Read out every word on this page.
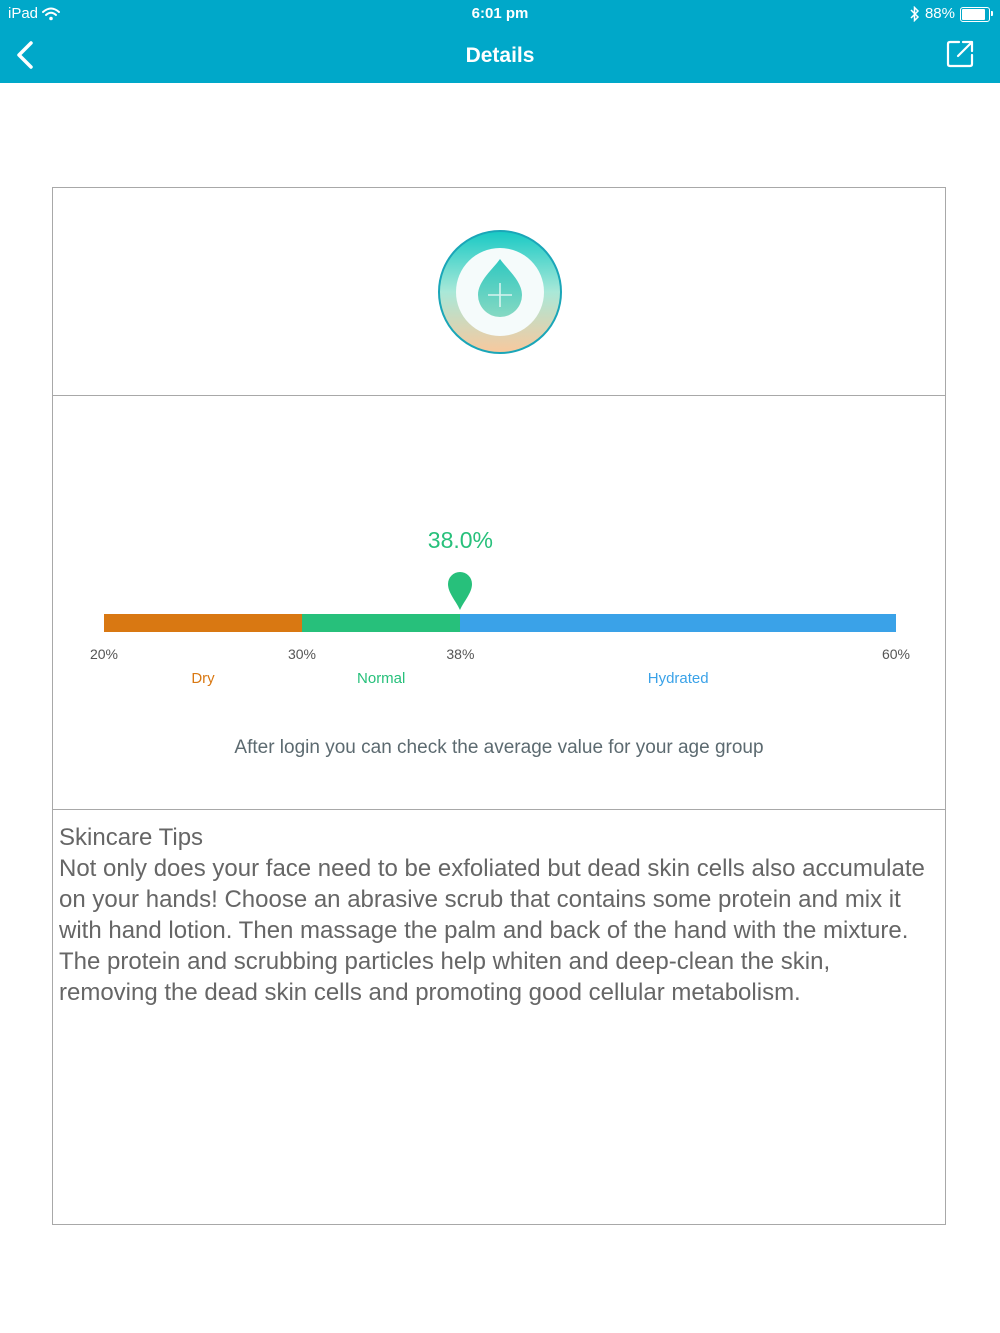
iPad	6:01 pm	88%
Details
38.0%
20%	30%	38%	60%
Dry	Normal	Hydrated
After login you can check the average value for your age group
Skincare Tips
Not only does your face need to be exfoliated but dead skin cells also accumulate on your hands! Choose an abrasive scrub that contains some protein and mix it with hand lotion. Then massage the palm and back of the hand with the mixture. The protein and scrubbing particles help whiten and deep-clean the skin, removing the dead skin cells and promoting good cellular metabolism.
